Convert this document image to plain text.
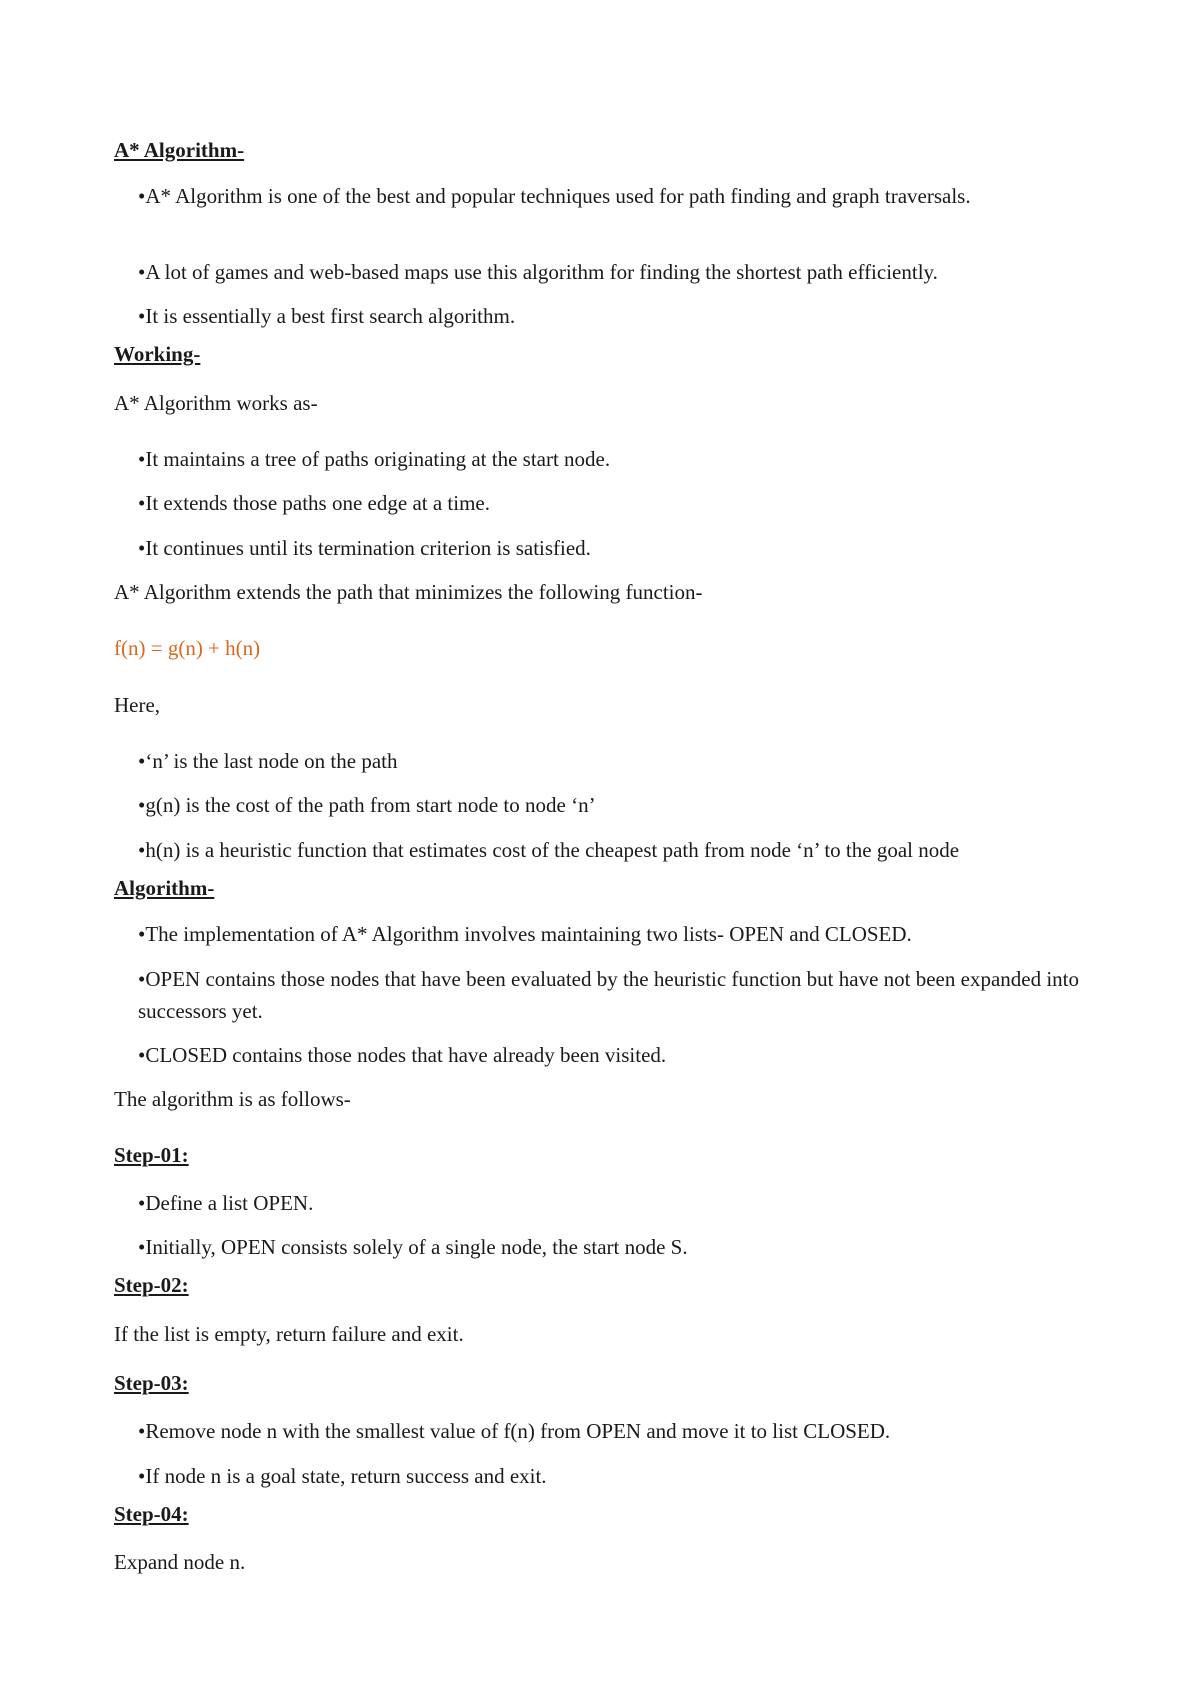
A* Algorithm-

•A* Algorithm is one of the best and popular techniques used for path finding and graph traversals.

•A lot of games and web-based maps use this algorithm for finding the shortest path efficiently.

•It is essentially a best first search algorithm.

Working-

A* Algorithm works as-

•It maintains a tree of paths originating at the start node.

•It extends those paths one edge at a time.

•It continues until its termination criterion is satisfied.

A* Algorithm extends the path that minimizes the following function-

f(n) = g(n) + h(n)

Here,

•‘n’ is the last node on the path

•g(n) is the cost of the path from start node to node ‘n’

•h(n) is a heuristic function that estimates cost of the cheapest path from node ‘n’ to the goal node

Algorithm-

•The implementation of A* Algorithm involves maintaining two lists- OPEN and CLOSED.

•OPEN contains those nodes that have been evaluated by the heuristic function but have not been expanded into successors yet.

•CLOSED contains those nodes that have already been visited.

The algorithm is as follows-

Step-01:

•Define a list OPEN.

•Initially, OPEN consists solely of a single node, the start node S.

Step-02:

If the list is empty, return failure and exit.

Step-03:

•Remove node n with the smallest value of f(n) from OPEN and move it to list CLOSED.

•If node n is a goal state, return success and exit.

Step-04:

Expand node n.
